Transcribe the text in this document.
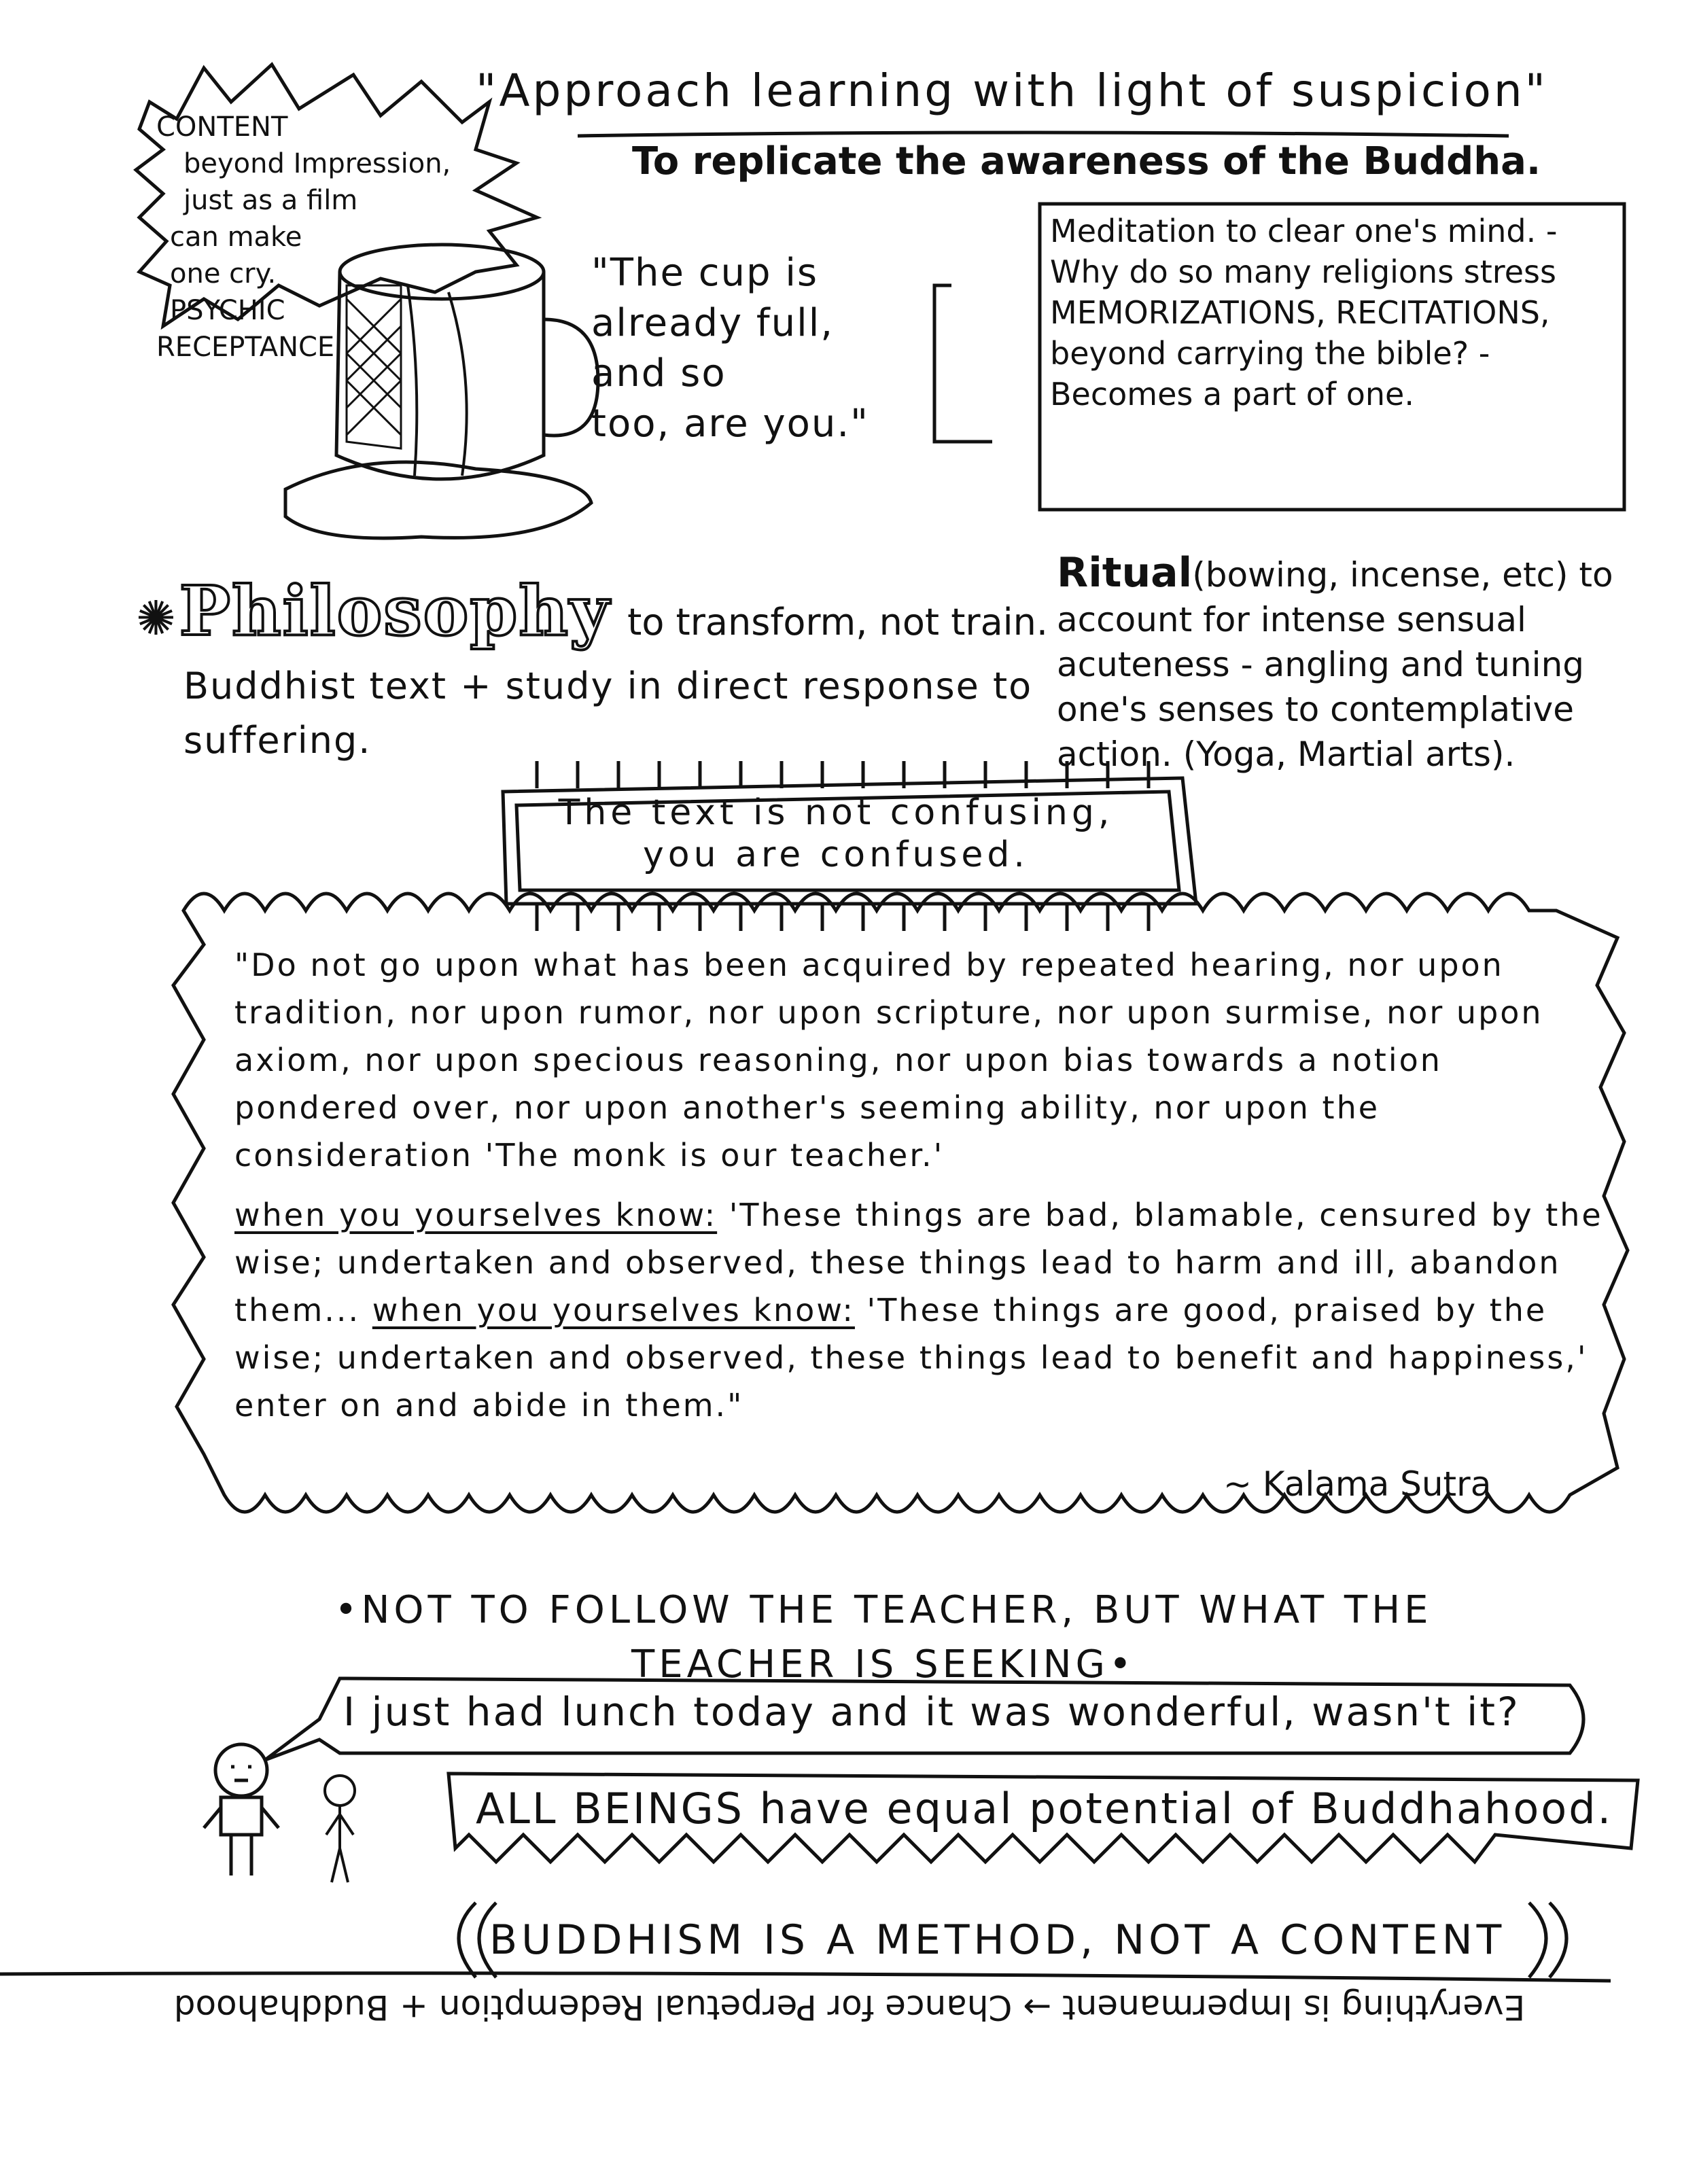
"Approach learning with light of suspicion"
To replicate the awareness of the Buddha.
CONTENT
beyond Impression,
just as a film
can make
one cry.
PSYCHIC
RECEPTANCE
"The cup is
already full,
and so
too, are you."
Meditation to clear one's mind. - Why do so many religions stress MEMORIZATIONS, RECITATIONS, beyond carrying the bible? - Becomes a part of one.
✺ Philosophy to transform, not train.
Buddhist text + study in direct response to suffering.
Ritual(bowing, incense, etc) to account for intense sensual acuteness - angling and tuning one's senses to contemplative action. (Yoga, Martial arts).
The text is not confusing,
you are confused.

"Do not go upon what has been acquired by repeated hearing, nor upon tradition, nor upon rumor, nor upon scripture, nor upon surmise, nor upon axiom, nor upon specious reasoning, nor upon bias towards a notion pondered over, nor upon another's seeming ability, nor upon the consideration 'The monk is our teacher.'

when you yourselves know: 'These things are bad, blamable, censured by the wise; undertaken and observed, these things lead to harm and ill, abandon them... when you yourselves know: 'These things are good, praised by the wise; undertaken and observed, these things lead to benefit and happiness,' enter on and abide in them."

~ Kalama Sutra
•NOT TO FOLLOW THE TEACHER, BUT WHAT THE
TEACHER IS SEEKING•
I just had lunch today and it was wonderful, wasn't it?
ALL BEINGS have equal potential of Buddhahood.
BUDDHISM IS A METHOD, NOT A CONTENT
Everything is Impermanent → Chance for Perpetual Redemption + Buddhahood
